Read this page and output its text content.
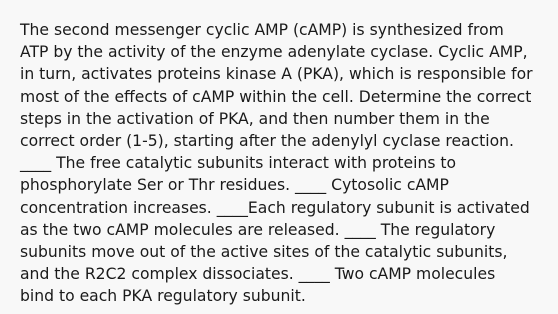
The second messenger cyclic AMP (cAMP) is synthesized from
ATP by the activity of the enzyme adenylate cyclase. Cyclic AMP,
in turn, activates proteins kinase A (PKA), which is responsible for
most of the effects of cAMP within the cell. Determine the correct
steps in the activation of PKA, and then number them in the
correct order (1-5), starting after the adenylyl cyclase reaction.
____ The free catalytic subunits interact with proteins to
phosphorylate Ser or Thr residues. ____ Cytosolic cAMP
concentration increases. ____Each regulatory subunit is activated
as the two cAMP molecules are released. ____ The regulatory
subunits move out of the active sites of the catalytic subunits,
and the R2C2 complex dissociates. ____ Two cAMP molecules
bind to each PKA regulatory subunit.
